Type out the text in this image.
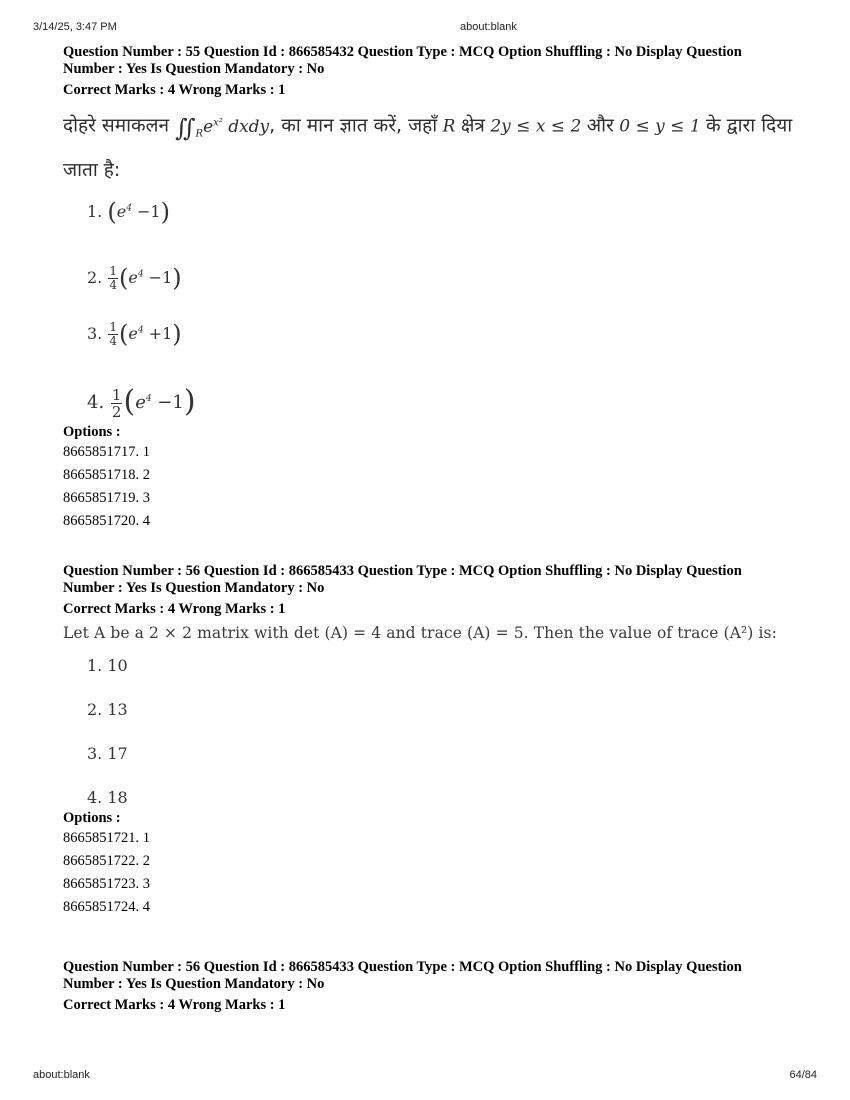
3/14/25, 3:47 PM	about:blank

Question Number : 55 Question Id : 866585432 Question Type : MCQ Option Shuffling : No Display Question

Number : Yes Is Question Mandatory : No

Correct Marks : 4 Wrong Marks : 1

दोहरे समाकलन $∬_Re^{x^2}$ dxdy, का मान ज्ञात करें, जहाँ R क्षेत्र 2y ≤ x ≤ 2 और 0 ≤ y ≤ 1 के द्वारा दिया
जाता है:
1. $(e^4 -1)$
2. $\frac{1}{4} (e^4 -1)$
3. $\frac{1}{4} (e^4 +1)$
4. $\frac{1}{2} (e^4 -1)$

Options :

8665851717. 1

8665851718. 2

8665851719. 3

8665851720. 4

Question Number : 56 Question Id : 866585433 Question Type : MCQ Option Shuffling : No Display Question

Number : Yes Is Question Mandatory : No

Correct Marks : 4 Wrong Marks : 1

Let A be a 2 × 2 matrix with det (A) = 4 and trace (A) = 5. Then the value of trace (A²) is:
1. 10
2. 13
3. 17
4. 18

Options :

8665851721. 1

8665851722. 2

8665851723. 3

8665851724. 4

Question Number : 56 Question Id : 866585433 Question Type : MCQ Option Shuffling : No Display Question

Number : Yes Is Question Mandatory : No

Correct Marks : 4 Wrong Marks : 1

about:blank	64/84
